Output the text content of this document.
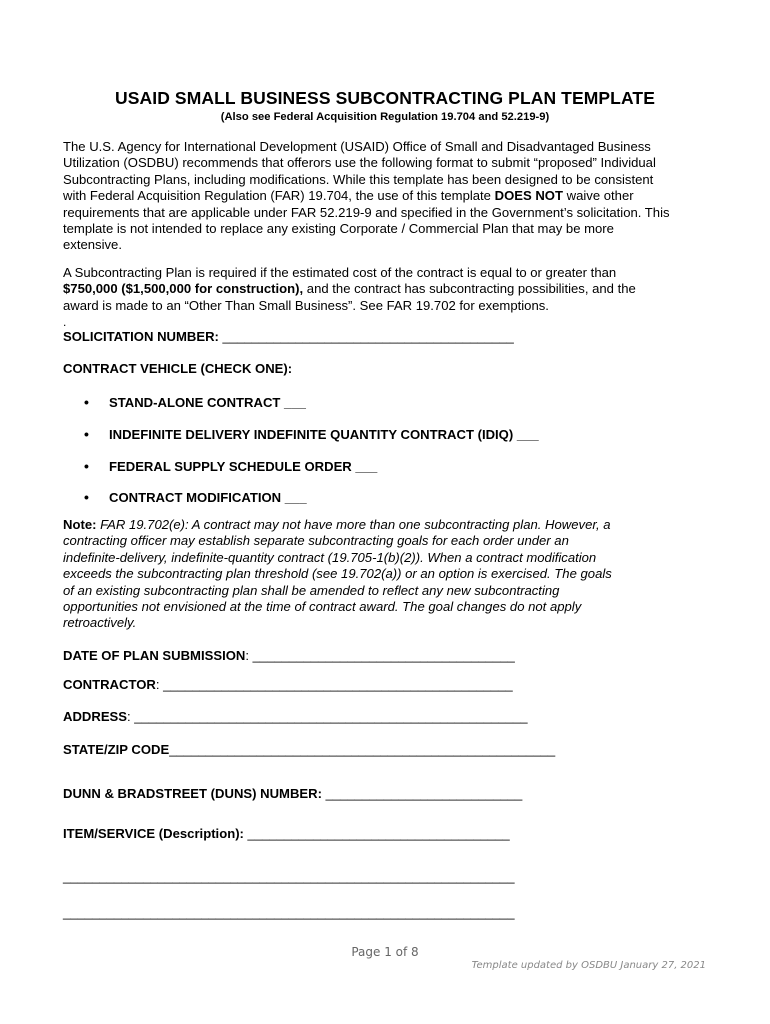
USAID SMALL BUSINESS SUBCONTRACTING PLAN TEMPLATE
(Also see Federal Acquisition Regulation 19.704 and 52.219-9)
The U.S. Agency for International Development (USAID) Office of Small and Disadvantaged Business
Utilization (OSDBU) recommends that offerors use the following format to submit “proposed” Individual
Subcontracting Plans, including modifications. While this template has been designed to be consistent
with Federal Acquisition Regulation (FAR) 19.704, the use of this template DOES NOT waive other
requirements that are applicable under FAR 52.219-9 and specified in the Government’s solicitation. This
template is not intended to replace any existing Corporate / Commercial Plan that may be more
extensive.
A Subcontracting Plan is required if the estimated cost of the contract is equal to or greater than
$750,000 ($1,500,000 for construction), and the contract has subcontracting possibilities, and the
award is made to an “Other Than Small Business”. See FAR 19.702 for exemptions.
.
SOLICITATION NUMBER: ________________________________________
CONTRACT VEHICLE (CHECK ONE):
• STAND-ALONE CONTRACT ___
• INDEFINITE DELIVERY INDEFINITE QUANTITY CONTRACT (IDIQ) ___
• FEDERAL SUPPLY SCHEDULE ORDER ___
• CONTRACT MODIFICATION ___
Note: FAR 19.702(e): A contract may not have more than one subcontracting plan. However, a
contracting officer may establish separate subcontracting goals for each order under an
indefinite-delivery, indefinite-quantity contract (19.705-1(b)(2)). When a contract modification
exceeds the subcontracting plan threshold (see 19.702(a)) or an option is exercised. The goals
of an existing subcontracting plan shall be amended to reflect any new subcontracting
opportunities not envisioned at the time of contract award. The goal changes do not apply
retroactively.
DATE OF PLAN SUBMISSION: ____________________________________
CONTRACTOR: ________________________________________________
ADDRESS: ______________________________________________________
STATE/ZIP CODE_____________________________________________________
DUNN & BRADSTREET (DUNS) NUMBER: ___________________________
ITEM/SERVICE (Description): ____________________________________
______________________________________________________________
______________________________________________________________
Page 1 of 8
Template updated by OSDBU January 27, 2021
